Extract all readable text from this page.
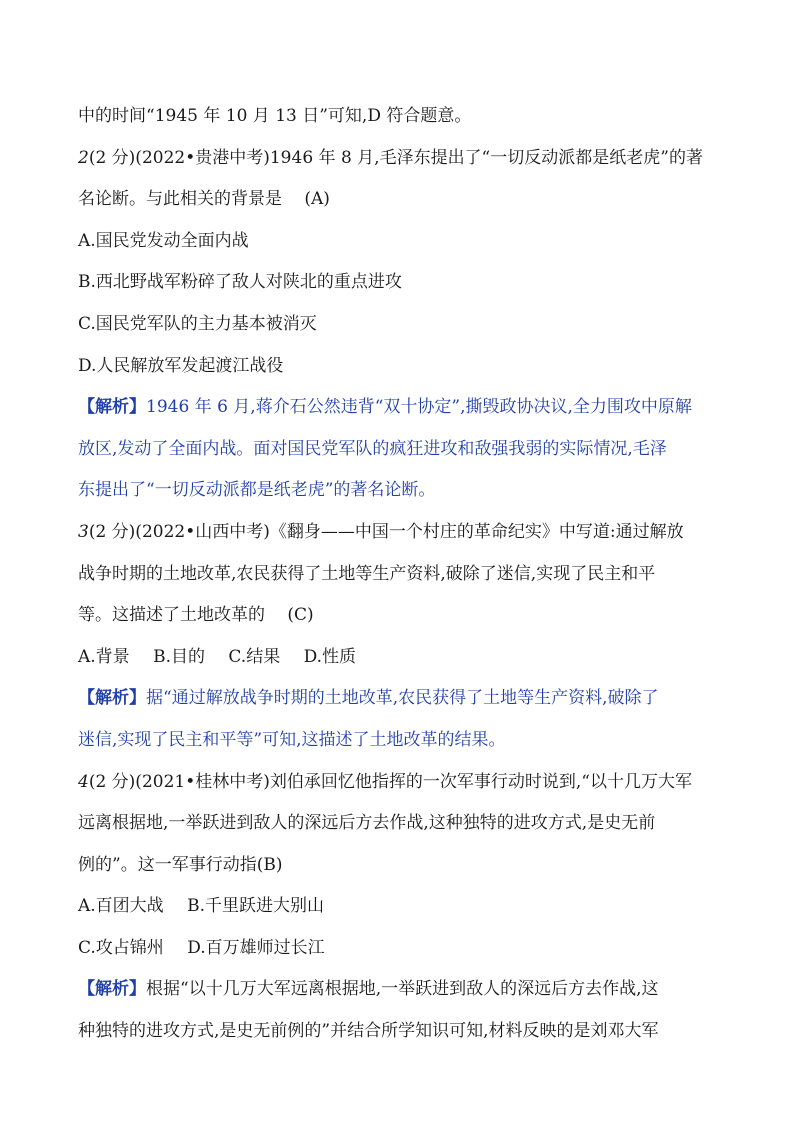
中的时间“1945 年 10 月 13 日”可知,D 符合题意。
2(2 分)(2022•贵港中考)1946 年 8 月,毛泽东提出了“一切反动派都是纸老虎”的著
名论断。与此相关的背景是　 (A)
A.国民党发动全面内战
B.西北野战军粉碎了敌人对陕北的重点进攻
C.国民党军队的主力基本被消灭
D.人民解放军发起渡江战役
【解析】1946 年 6 月,蒋介石公然违背“双十协定”,撕毁政协决议,全力围攻中原解
放区,发动了全面内战。面对国民党军队的疯狂进攻和敌强我弱的实际情况,毛泽
东提出了“一切反动派都是纸老虎”的著名论断。
3(2 分)(2022•山西中考)《翻身——中国一个村庄的革命纪实》中写道:通过解放
战争时期的土地改革,农民获得了土地等生产资料,破除了迷信,实现了民主和平
等。这描述了土地改革的　 (C)
A.背景 B.目的 C.结果 D.性质
【解析】据“通过解放战争时期的土地改革,农民获得了土地等生产资料,破除了
迷信,实现了民主和平等”可知,这描述了土地改革的结果。
4(2 分)(2021•桂林中考)刘伯承回忆他指挥的一次军事行动时说到,“以十几万大军
远离根据地,一举跃进到敌人的深远后方去作战,这种独特的进攻方式,是史无前
例的”。这一军事行动指(B)
A.百团大战 B.千里跃进大别山
C.攻占锦州 D.百万雄师过长江
【解析】根据“以十几万大军远离根据地,一举跃进到敌人的深远后方去作战,这
种独特的进攻方式,是史无前例的”并结合所学知识可知,材料反映的是刘邓大军
